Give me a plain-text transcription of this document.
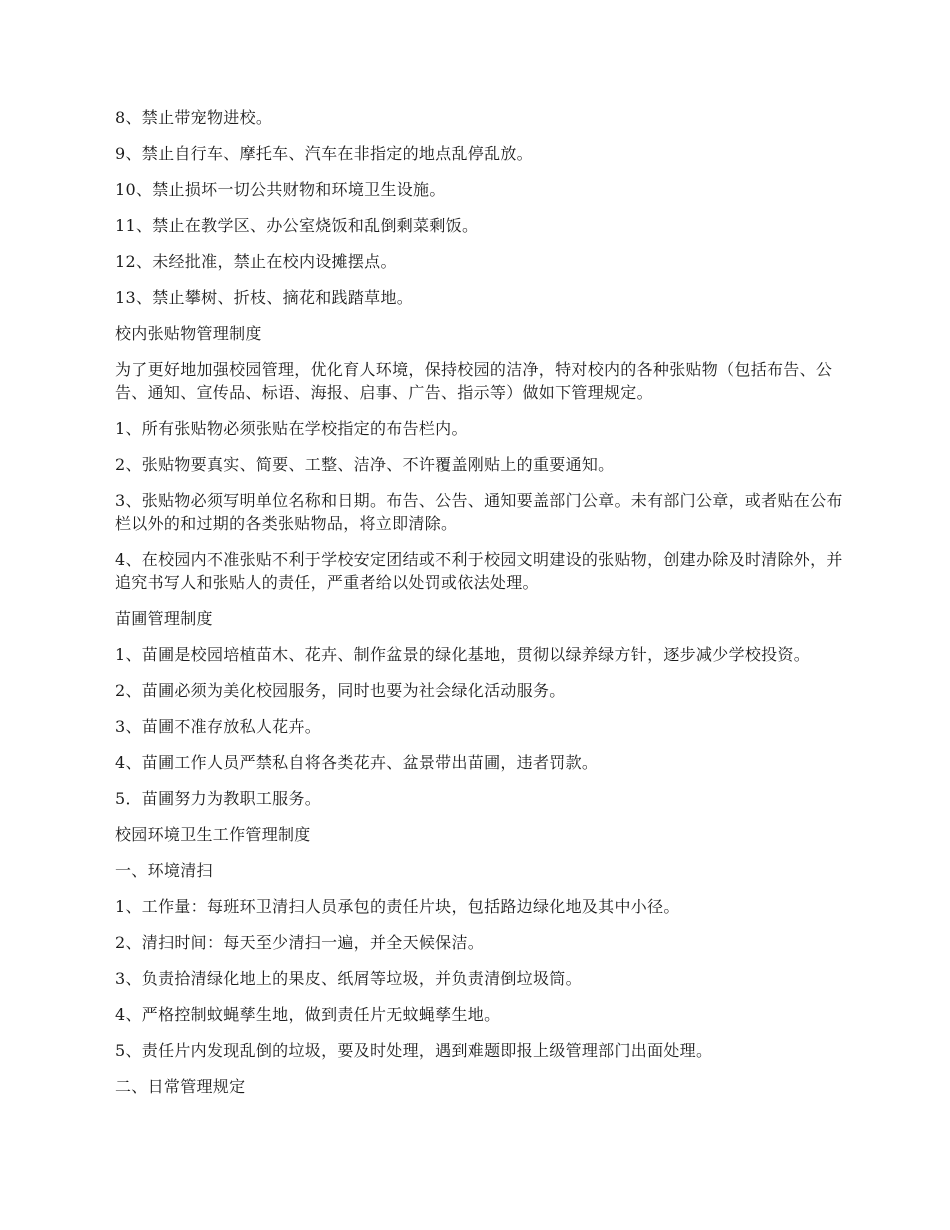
8、禁止带宠物进校。

9、禁止自行车、摩托车、汽车在非指定的地点乱停乱放。

10、禁止损坏一切公共财物和环境卫生设施。

11、禁止在教学区、办公室烧饭和乱倒剩菜剩饭。

12、未经批准，禁止在校内设摊摆点。

13、禁止攀树、折枝、摘花和践踏草地。

校内张贴物管理制度

为了更好地加强校园管理，优化育人环境，保持校园的洁净，特对校内的各种张贴物（包括布告、公告、通知、宣传品、标语、海报、启事、广告、指示等）做如下管理规定。

1、所有张贴物必须张贴在学校指定的布告栏内。

2、张贴物要真实、简要、工整、洁净、不许覆盖刚贴上的重要通知。

3、张贴物必须写明单位名称和日期。布告、公告、通知要盖部门公章。未有部门公章，或者贴在公布栏以外的和过期的各类张贴物品，将立即清除。

4、在校园内不准张贴不利于学校安定团结或不利于校园文明建设的张贴物，创建办除及时清除外，并追究书写人和张贴人的责任，严重者给以处罚或依法处理。

苗圃管理制度

1、苗圃是校园培植苗木、花卉、制作盆景的绿化基地，贯彻以绿养绿方针，逐步减少学校投资。

2、苗圃必须为美化校园服务，同时也要为社会绿化活动服务。

3、苗圃不准存放私人花卉。

4、苗圃工作人员严禁私自将各类花卉、盆景带出苗圃，违者罚款。

5．苗圃努力为教职工服务。

校园环境卫生工作管理制度

一、环境清扫

1、工作量：每班环卫清扫人员承包的责任片块，包括路边绿化地及其中小径。

2、清扫时间：每天至少清扫一遍，并全天候保洁。

3、负责拾清绿化地上的果皮、纸屑等垃圾，并负责清倒垃圾筒。

4、严格控制蚊蝇孳生地，做到责任片无蚊蝇孳生地。

5、责任片内发现乱倒的垃圾，要及时处理，遇到难题即报上级管理部门出面处理。

二、日常管理规定
